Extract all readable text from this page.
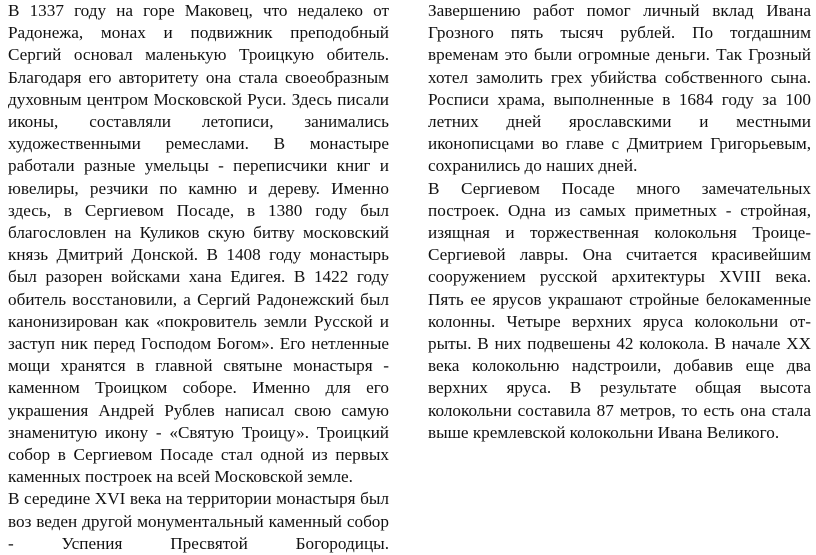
В 1337 году на горе Маковец, что недалеко от Радонежа, монах и подвижник преподобный Сергий основал маленькую Троицкую обитель. Благодаря его авторитету она стала своеобразным духовным центром Московской Руси. Здесь писали иконы, составляли летописи, занимались художественными ремеслами. В монастыре работали разные умельцы - переписчики книг и ювелиры, резчики по камню и дереву. Именно здесь, в Сергиевом Посаде, в 1380 году был благословлен на Куликов скую битву московский князь Дмитрий Донской. В 1408 году монастырь был разорен войсками хана Едигея. В 1422 году обитель восстановили, а Сергий Радонежский был канонизирован как «покровитель земли Русской и заступ ник перед Господом Богом». Его нетленные мощи хранятся в главной святыне монастыря - каменном Троицком соборе. Именно для его украшения Андрей Рублев написал свою самую знаменитую икону - «Святую Троицу». Троицкий собор в Сергиевом Посаде стал одной из первых каменных построек на всей Московской земле.

В середине XVI века на территории монастыря был воз веден другой монументальный каменный собор - Успения Пресвятой Богородицы.

Завершению работ помог личный вклад Ивана Грозного пять тысяч рублей. По тогдашним временам это были огромные деньги. Так Грозный хотел замолить грех убийства собственного сына. Росписи храма, выполненные в 1684 году за 100 летних дней ярославскими и местными иконописцами во главе с Дмитрием Григорьевым, сохранились до наших дней.

В Сергиевом Посаде много замечательных построек. Одна из самых приметных - стройная, изящная и торжественная колокольня Троице-Сергиевой лавры. Она считается красивейшим сооружением русской архитектуры XVIII века. Пять ее ярусов украшают стройные белокаменные колонны. Четыре верхних яруса колокольни от-рыты. В них подвешены 42 колокола. В начале XX века колокольню надстроили, добавив еще два верхних яруса. В результате общая высота колокольни составила 87 метров, то есть она стала выше кремлевской колокольни Ивана Великого.
